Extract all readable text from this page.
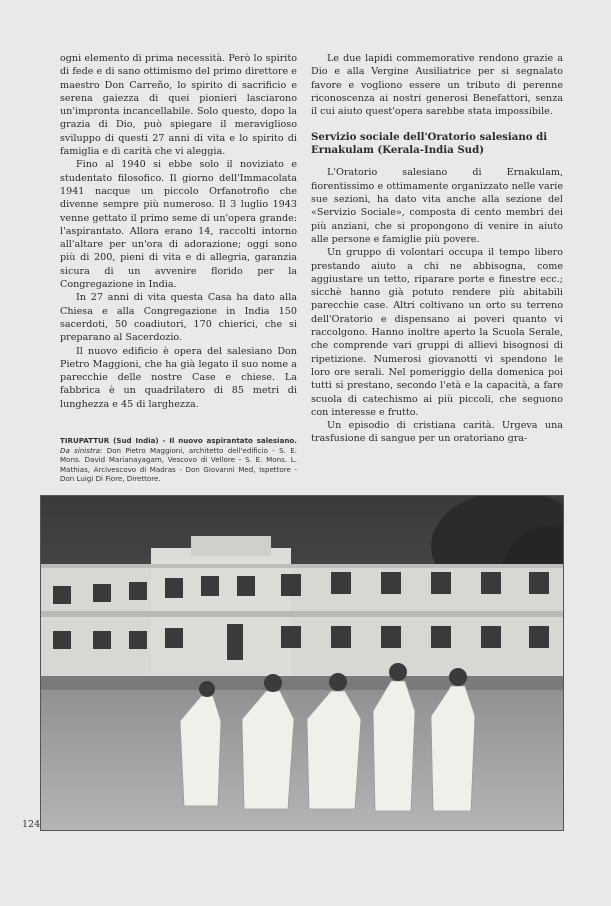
ogni elemento di prima necessità. Però lo spirito di fede e di sano ottimismo del primo direttore e maestro Don Carreño, lo spirito di sacrificio e serena gaiezza di quei pionieri lasciarono un'impronta incancellabile. Solo questo, dopo la grazia di Dio, può spiegare il meraviglioso sviluppo di questi 27 anni di vita e lo spirito di famiglia e di carità che vi aleggia.

Fino al 1940 si ebbe solo il noviziato e studentato filosofico. Il giorno dell'Immacolata 1941 nacque un piccolo Orfanotrofio che divenne sempre più numeroso. Il 3 luglio 1943 venne gettato il primo seme di un'opera grande: l'aspirantato. Allora erano 14, raccolti intorno all'altare per un'ora di adorazione; oggi sono più di 200, pieni di vita e di allegria, garanzia sicura di un avvenire florido per la Congregazione in India.

In 27 anni di vita questa Casa ha dato alla Chiesa e alla Congregazione in India 150 sacerdoti, 50 coadiutori, 170 chierici, che si preparano al Sacerdozio.

Il nuovo edificio è opera del salesiano Don Pietro Maggioni, che ha già legato il suo nome a parecchie delle nostre Case e chiese. La fabbrica è un quadrilatero di 85 metri di lunghezza e 45 di larghezza.

TIRUPATTUR (Sud India) - Il nuovo aspirantato salesiano. Da sinistra: Don Pietro Maggioni, architetto dell'edificio - S. E. Mons. David Marianayagam, Vescovo di Vellore - S. E. Mons. L. Mathias, Arcivescovo di Madras - Don Giovanni Med, Ispettore - Don Luigi Di Fiore, Direttore.

Le due lapidi commemorative rendono grazie a Dio e alla Vergine Ausiliatrice per si segnalato favore e vogliono essere un tributo di perenne riconoscenza ai nostri generosi Benefattori, senza il cui aiuto quest'opera sarebbe stata impossibile.

Servizio sociale dell'Oratorio salesiano di Ernakulam (Kerala-India Sud)

L'Oratorio salesiano di Ernakulam, fiorentissimo e ottimamente organizzato nelle varie sue sezioni, ha dato vita anche alla sezione del «Servizio Sociale», composta di cento membri dei più anziani, che si propongono di venire in aiuto alle persone e famiglie più povere.

Un gruppo di volontari occupa il tempo libero prestando aiuto a chi ne abbisogna, come aggiustare un tetto, riparare porte e finestre ecc.; sicchè hanno già potuto rendere più abitabili parecchie case. Altri coltivano un orto su terreno dell'Oratorio e dispensano ai poveri quanto vi raccolgono. Hanno inoltre aperto la Scuola Serale, che comprende vari gruppi di allievi bisognosi di ripetizione. Numerosi giovanotti vi spendono le loro ore serali. Nel pomeriggio della domenica poi tutti si prestano, secondo l'età e la capacità, a fare scuola di catechismo ai più piccoli, che seguono con interesse e frutto.

Un episodio di cristiana carità. Urgeva una trasfusione di sangue per un oratoriano gra-

124
